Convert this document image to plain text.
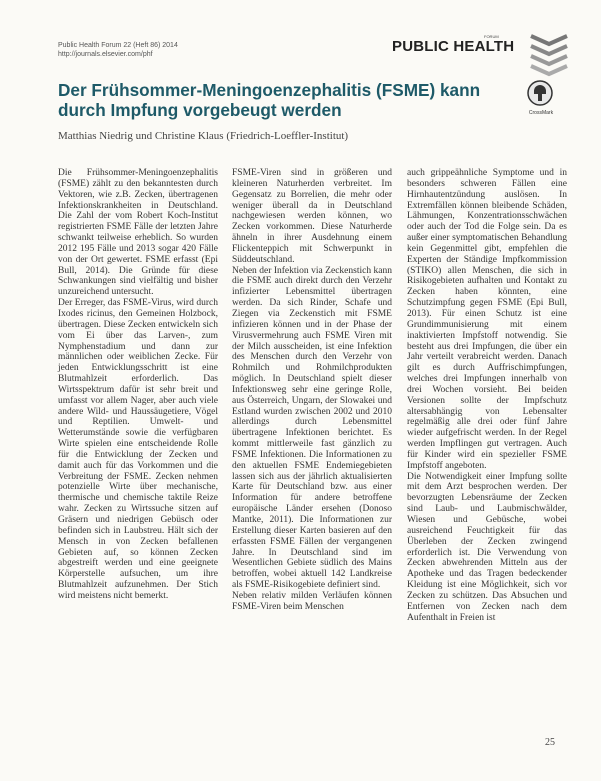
Public Health Forum 22 (Heft 86) 2014
http://journals.elsevier.com/phf	PUBLIC HEALTH
FORUM
CrossMark
Der Frühsommer-Meningoenzephalitis (FSME) kann durch Impfung vorgebeugt werden

Matthias Niedrig und Christine Klaus (Friedrich-Loeffler-Institut)

Die Frühsommer-Meningoenzephalitis (FSME) zählt zu den bekanntesten durch Vektoren, wie z.B. Zecken, übertragenen Infektionskrankheiten in Deutschland. Die Zahl der vom Robert Koch-Institut registrierten FSME Fälle der letzten Jahre schwankt teilweise erheblich. So wurden 2012 195 Fälle und 2013 sogar 420 Fälle von der Ort gewertet. FSME erfasst (Epi Bull, 2014). Die Gründe für diese Schwankungen sind vielfältig und bisher unzureichend untersucht.

Der Erreger, das FSME-Virus, wird durch Ixodes ricinus, den Gemeinen Holzbock, übertragen. Diese Zecken entwickeln sich vom Ei über das Larven-, zum Nymphenstadium und dann zur männlichen oder weiblichen Zecke. Für jeden Entwicklungsschritt ist eine Blutmahlzeit erforderlich. Das Wirtsspektrum dafür ist sehr breit und umfasst vor allem Nager, aber auch viele andere Wild- und Haussäugetiere, Vögel und Reptilien. Umwelt- und Wetterumstände sowie die verfügbaren Wirte spielen eine entscheidende Rolle für die Entwicklung der Zecken und damit auch für das Vorkommen und die Verbreitung der FSME. Zecken nehmen potenzielle Wirte über mechanische, thermische und chemische taktile Reize wahr. Zecken zu Wirtssuche sitzen auf Gräsern und niedrigen Gebüsch oder befinden sich in Laubstreu. Hält sich der Mensch in von Zecken befallenen Gebieten auf, so können Zecken abgestreift werden und eine geeignete Körperstelle aufsuchen, um ihre Blutmahlzeit aufzunehmen. Der Stich wird meistens nicht bemerkt.

FSME-Viren sind in größeren und kleineren Naturherden verbreitet. Im Gegensatz zu Borrelien, die mehr oder weniger überall da in Deutschland nachgewiesen werden können, wo Zecken vorkommen. Diese Naturherde ähneln in ihrer Ausdehnung einem Flickenteppich mit Schwerpunkt in Süddeutschland.

Neben der Infektion via Zeckenstich kann die FSME auch direkt durch den Verzehr infizierter Lebensmittel übertragen werden. Da sich Rinder, Schafe und Ziegen via Zeckenstich mit FSME infizieren können und in der Phase der Virusvermehrung auch FSME Viren mit der Milch ausscheiden, ist eine Infektion des Menschen durch den Verzehr von Rohmilch und Rohmilchprodukten möglich. In Deutschland spielt dieser Infektionsweg sehr eine geringe Rolle, aus Österreich, Ungarn, der Slowakei und Estland wurden zwischen 2002 und 2010 allerdings durch Lebensmittel übertragene Infektionen berichtet. Es kommt mittlerweile fast gänzlich zu FSME Infektionen. Die Informationen zu den aktuellen FSME Endemiegebieten lassen sich aus der jährlich aktualisierten Karte für Deutschland bzw. aus einer Information für andere betroffene europäische Länder ersehen (Donoso Mantke, 2011). Die Informationen zur Erstellung dieser Karten basieren auf den erfassten FSME Fällen der vergangenen Jahre. In Deutschland sind im Wesentlichen Gebiete südlich des Mains betroffen, wobei aktuell 142 Landkreise als FSME-Risikogebiete definiert sind.

Neben relativ milden Verläufen können FSME-Viren beim Menschen

auch grippeähnliche Symptome und in besonders schweren Fällen eine Hirnhautentzündung auslösen. In Extremfällen können bleibende Schäden, Lähmungen, Konzentrationsschwächen oder auch der Tod die Folge sein. Da es außer einer symptomatischen Behandlung kein Gegenmittel gibt, empfehlen die Experten der Ständige Impfkommission (STIKO) allen Menschen, die sich in Risikogebieten aufhalten und Kontakt zu Zecken haben könnten, eine Schutzimpfung gegen FSME (Epi Bull, 2013). Für einen Schutz ist eine Grundimmunisierung mit einem inaktivierten Impfstoff notwendig. Sie besteht aus drei Impfungen, die über ein Jahr verteilt verabreicht werden. Danach gilt es durch Auffrischimpfungen, welches drei Impfungen innerhalb von drei Wochen vorsieht. Bei beiden Versionen sollte der Impfschutz altersabhängig von Lebensalter regelmäßig alle drei oder fünf Jahre wieder aufgefrischt werden. In der Regel werden Impflingen gut vertragen. Auch für Kinder wird ein spezieller FSME Impfstoff angeboten.

Die Notwendigkeit einer Impfung sollte mit dem Arzt besprochen werden. Der bevorzugten Lebensräume der Zecken sind Laub- und Laubmischwälder, Wiesen und Gebüsche, wobei ausreichend Feuchtigkeit für das Überleben der Zecken zwingend erforderlich ist. Die Verwendung von Zecken abwehrenden Mitteln aus der Apotheke und das Tragen bedeckender Kleidung ist eine Möglichkeit, sich vor Zecken zu schützen. Das Absuchen und Entfernen von Zecken nach dem Aufenthalt in Freien ist

25
